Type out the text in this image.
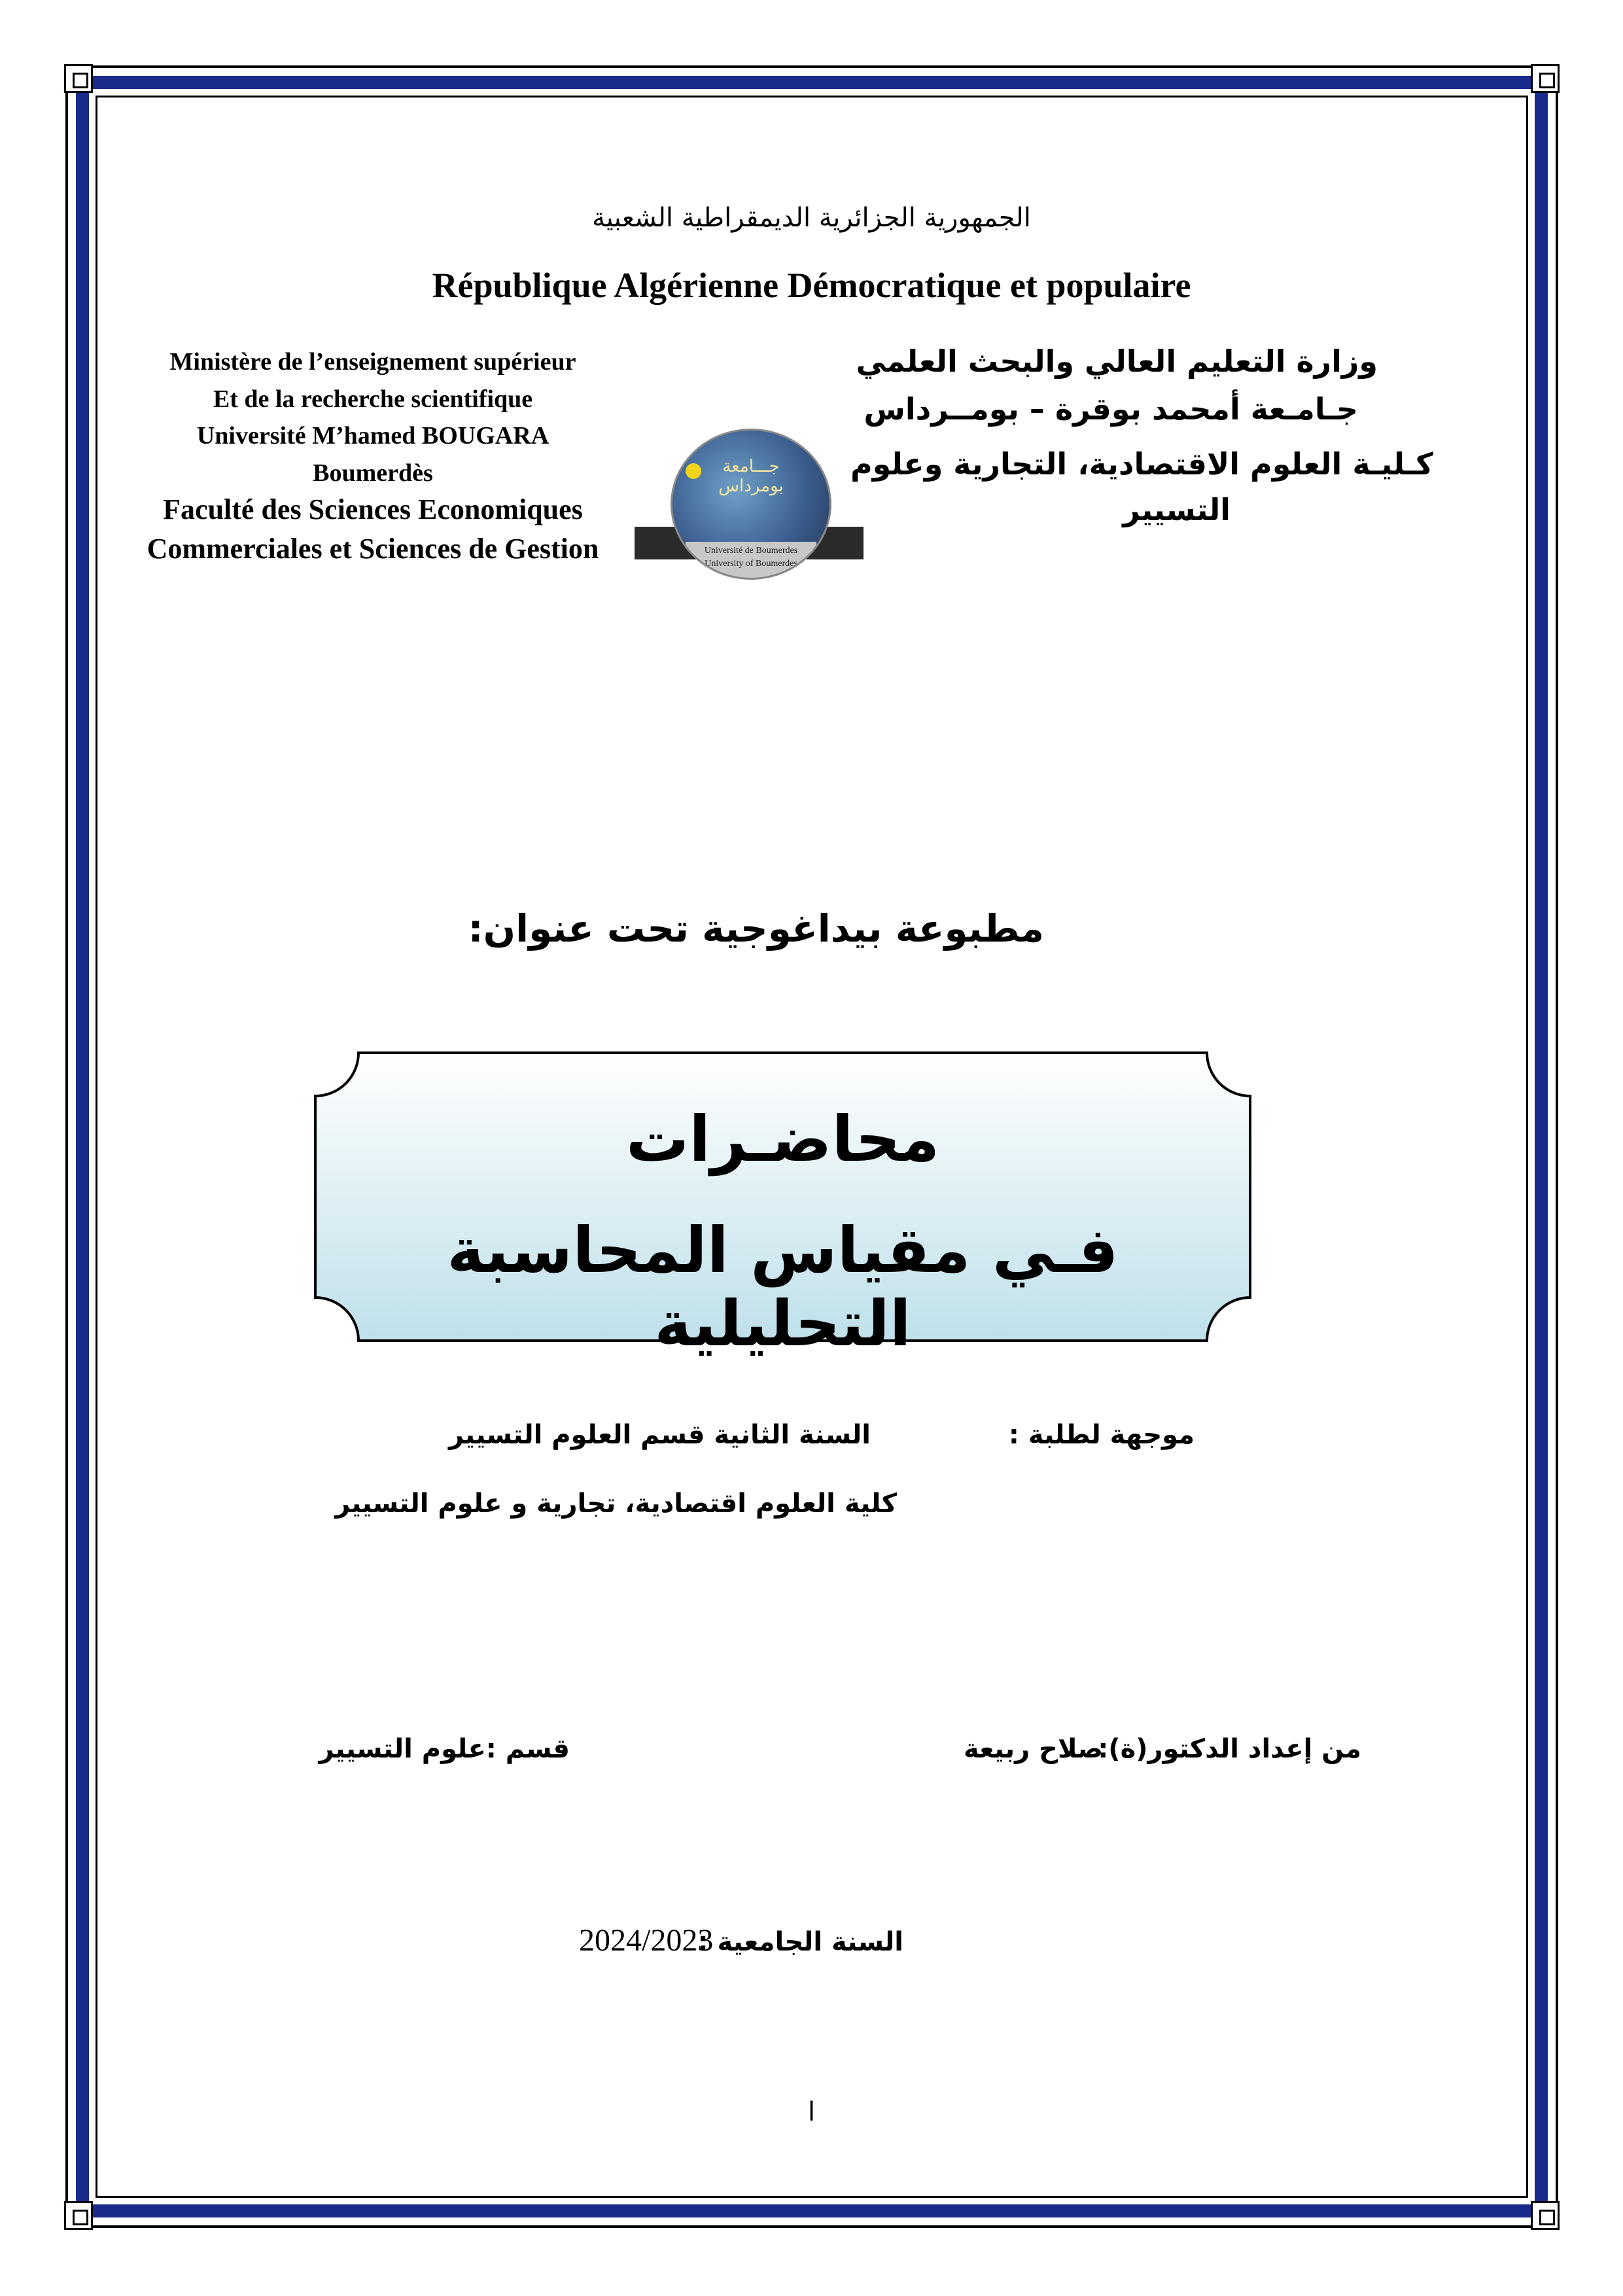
الجمهورية الجزائرية الديمقراطية الشعبية
République Algérienne Démocratique et populaire
Ministère de l’enseignement supérieur
Et de la recherche scientifique
Université M’hamed BOUGARA
Boumerdès
Faculté des Sciences Economiques
Commerciales et Sciences de Gestion
جـــامعة بومرداس
Université de Boumerdes
University of Boumerdes
وزارة التعليم العالي والبحث العلمي
جـامـعة أمحمد بوقرة – بومــرداس
كـليـة العلوم الاقتصادية، التجارية وعلوم
التسيير
مطبوعة بيداغوجية تحت عنوان:
محاضـرات
فـي مقياس المحاسبة التحليلية
موجهة لطلبة :
السنة الثانية قسم العلوم التسيير
كلية العلوم اقتصادية، تجارية و علوم التسيير
من إعداد الدكتور(ة):
صلاح ربيعة
قسم :علوم التسيير
السنة الجامعية :
2024/2023
ا
